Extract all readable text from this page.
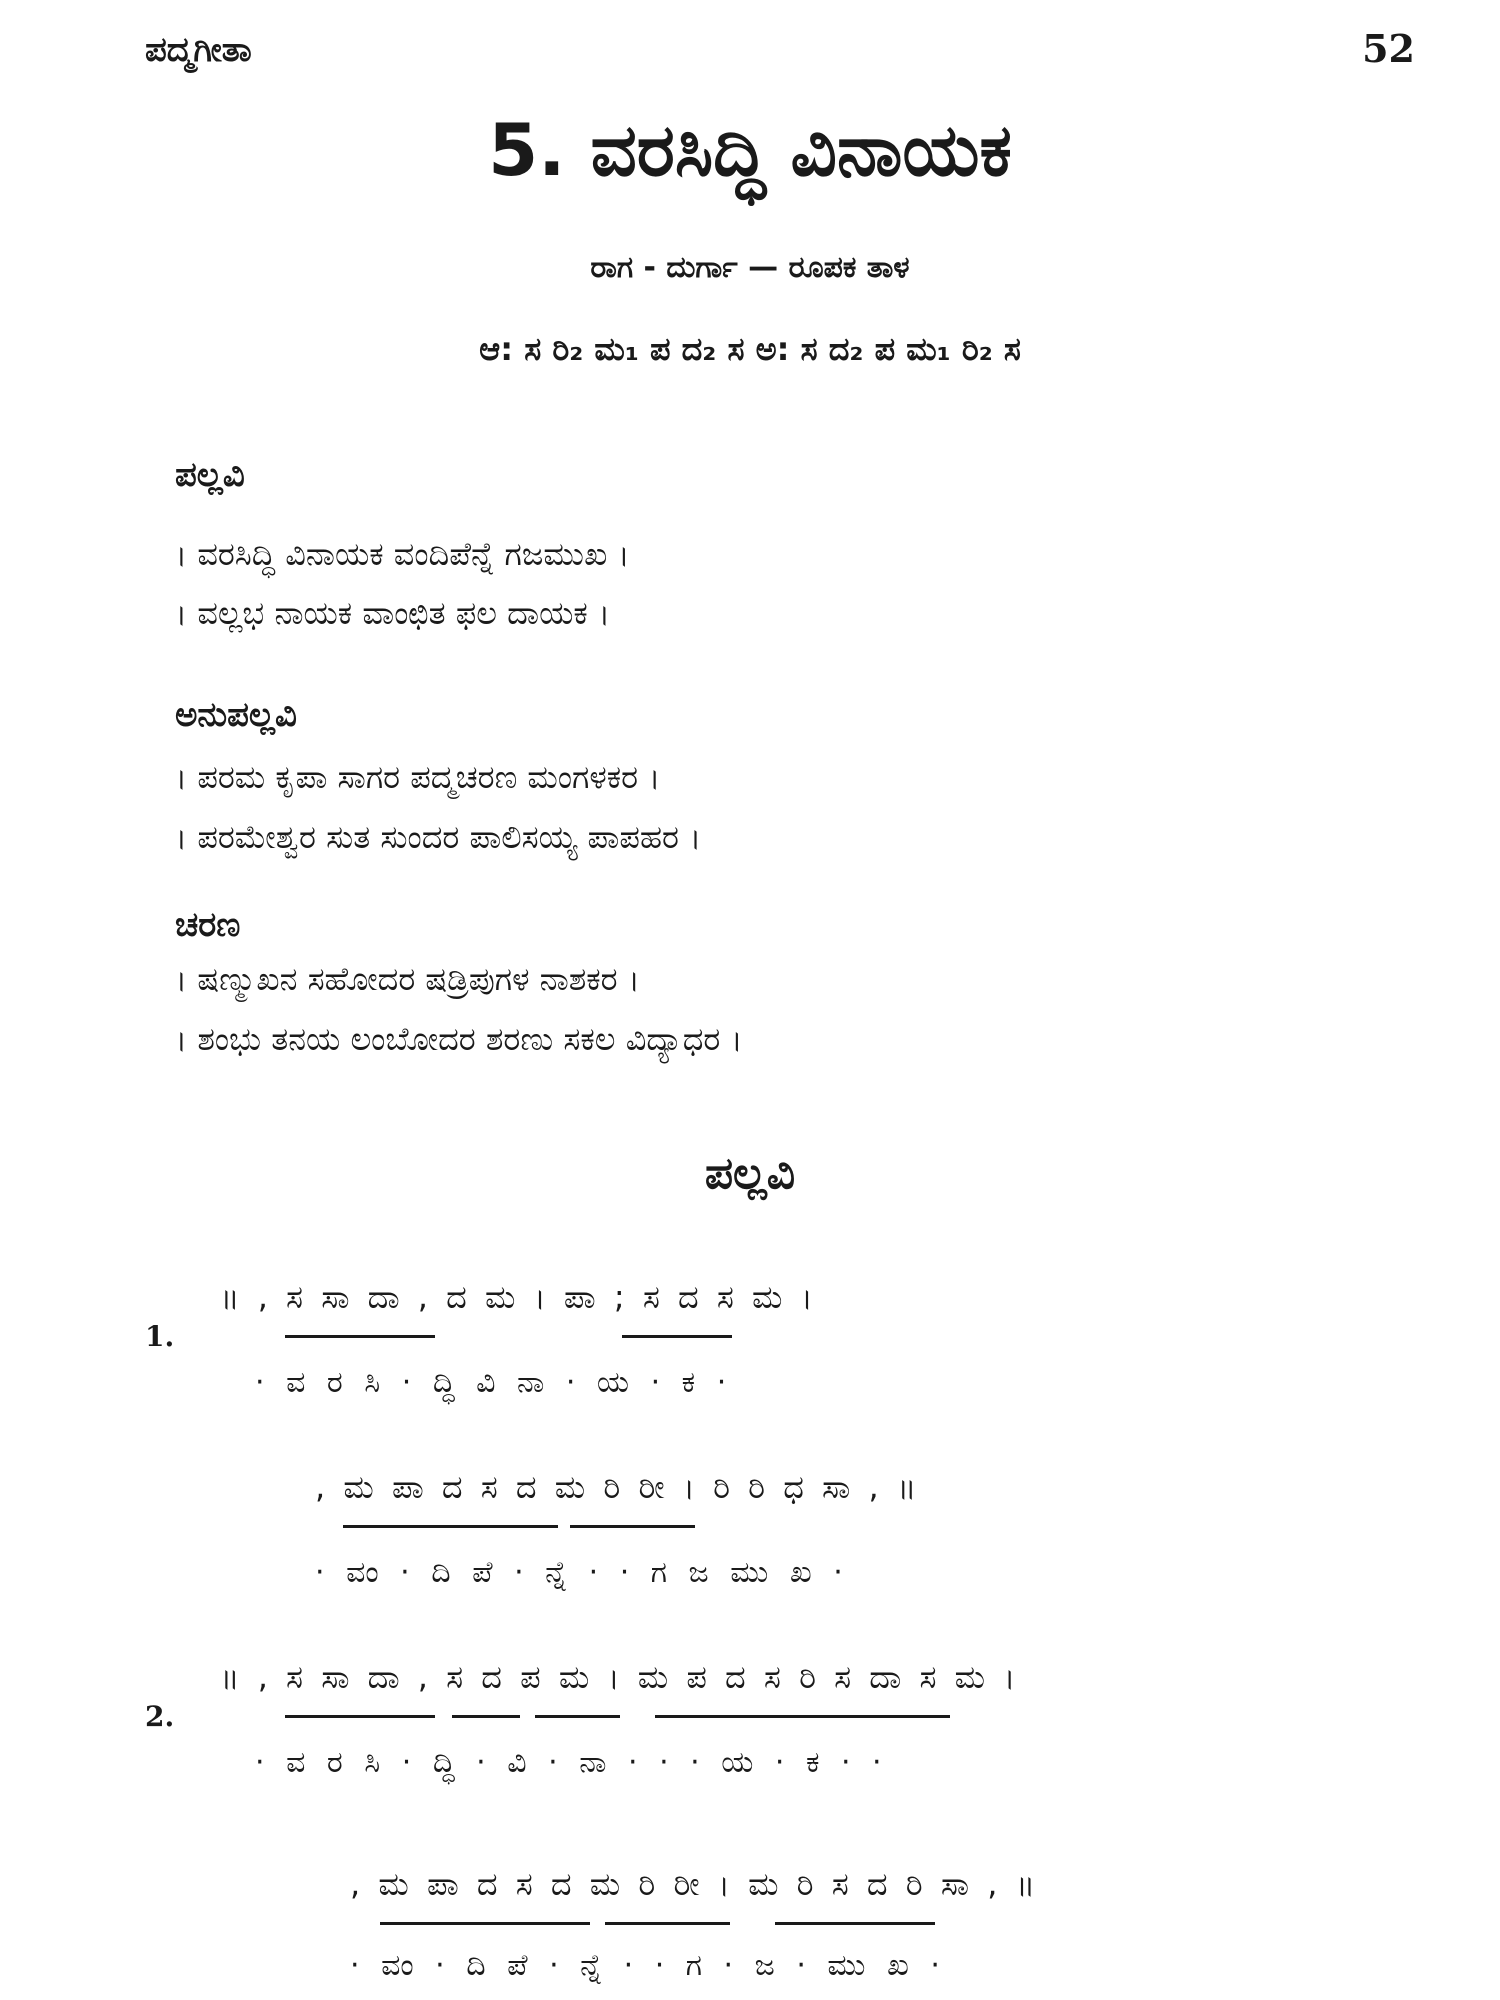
ಪದ್ಮಗೀತಾ	52
5. ವರಸಿದ್ಧಿ ವಿನಾಯಕ
ರಾಗ - ದುರ್ಗಾ — ರೂಪಕ ತಾಳ
ಆ: ಸ ರಿ₂ ಮ₁ ಪ ದ₂ ಸ ಅ: ಸ ದ₂ ಪ ಮ₁ ರಿ₂ ಸ
ಪಲ್ಲವಿ
। ವರಸಿದ್ಧಿ ವಿನಾಯಕ ವಂದಿಪೆನ್ನೆ ಗಜಮುಖ ।
। ವಲ್ಲಭ ನಾಯಕ ವಾಂಛಿತ ಫಲ ದಾಯಕ ।
ಅನುಪಲ್ಲವಿ
। ಪರಮ ಕೃಪಾ ಸಾಗರ ಪದ್ಮಚರಣ ಮಂಗಳಕರ ।
। ಪರಮೇಶ್ವರ ಸುತ ಸುಂದರ ಪಾಲಿಸಯ್ಯ ಪಾಪಹರ ।
ಚರಣ
। ಷಣ್ಮುಖನ ಸಹೋದರ ಷಡ್ರಿಪುಗಳ ನಾಶಕರ ।
। ಶಂಭು ತನಯ ಲಂಬೋದರ ಶರಣು ಸಕಲ ವಿದ್ಯಾಧರ ।
ಪಲ್ಲವಿ
1.
॥ , ಸ ಸಾ ದಾ , ದ ಮ । ಪಾ ; ಸ ದ ಸ ಮ ।
· ವ ರ ಸಿ · ದ್ಧಿ ವಿ ನಾ · ಯ · ಕ ·
, ಮ ಪಾ ದ ಸ ದ ಮ ರಿ ರೀ । ರಿ ರಿ ಧ ಸಾ , ॥
· ವಂ · ದಿ ಪೆ · ನ್ನೆ · · ಗ ಜ ಮು ಖ ·
2.
॥ , ಸ ಸಾ ದಾ , ಸ ದ ಪ ಮ । ಮ ಪ ದ ಸ ರಿ ಸ ದಾ ಸ ಮ ।
· ವ ರ ಸಿ · ದ್ಧಿ · ವಿ · ನಾ · · · ಯ · ಕ · ·
, ಮ ಪಾ ದ ಸ ದ ಮ ರಿ ರೀ । ಮ ರಿ ಸ ದ ರಿ ಸಾ , ॥
· ವಂ · ದಿ ಪೆ · ನ್ನೆ · · ಗ · ಜ · ಮು ಖ ·
